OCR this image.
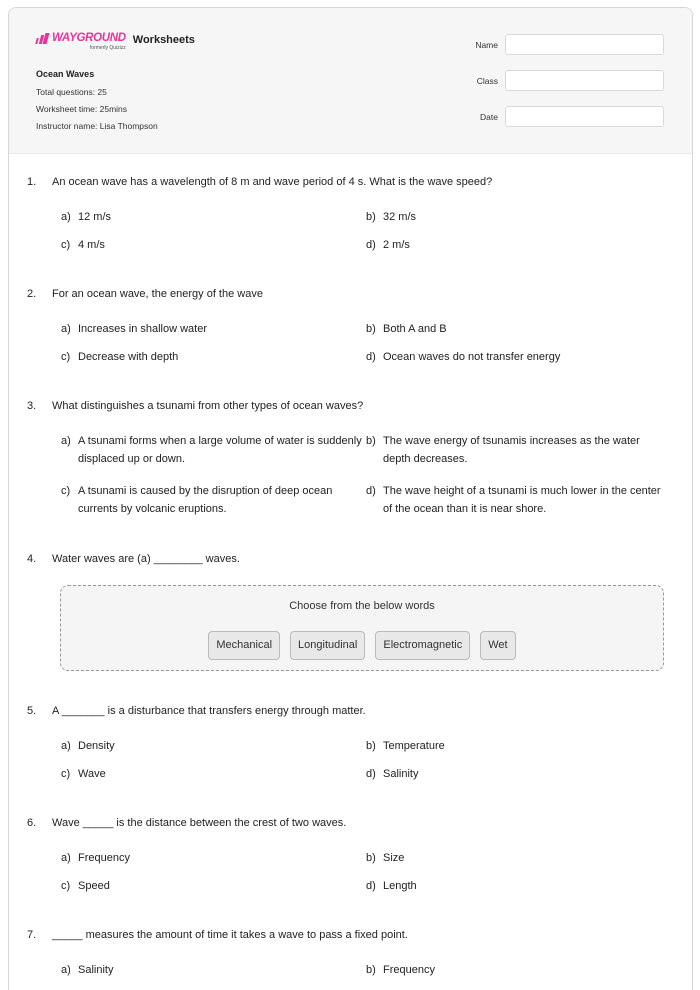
WAYGROUND
formerly Quizizz
Worksheets
Ocean Waves
Total questions: 25
Worksheet time: 25mins
Instructor name: Lisa Thompson
Name
Class
Date
1.	An ocean wave has a wavelength of 8 m and wave period of 4 s. What is the wave speed?
a) 12 m/s	b) 32 m/s
c) 4 m/s	d) 2 m/s
2.	For an ocean wave, the energy of the wave
a) Increases in shallow water	b) Both A and B
c) Decrease with depth	d) Ocean waves do not transfer energy
3.	What distinguishes a tsunami from other types of ocean waves?
a) A tsunami forms when a large volume of water is suddenly displaced up or down.
b) The wave energy of tsunamis increases as the water depth decreases.
c) A tsunami is caused by the disruption of deep ocean currents by volcanic eruptions.
d) The wave height of a tsunami is much lower in the center of the ocean than it is near shore.
4.	Water waves are (a) ________ waves.
Choose from the below words
Mechanical	Longitudinal	Electromagnetic	Wet
5.	A _______ is a disturbance that transfers energy through matter.
a) Density	b) Temperature
c) Wave	d) Salinity
6.	Wave _____ is the distance between the crest of two waves.
a) Frequency	b) Size
c) Speed	d) Length
7.	_____ measures the amount of time it takes a wave to pass a fixed point.
a) Salinity	b) Frequency
